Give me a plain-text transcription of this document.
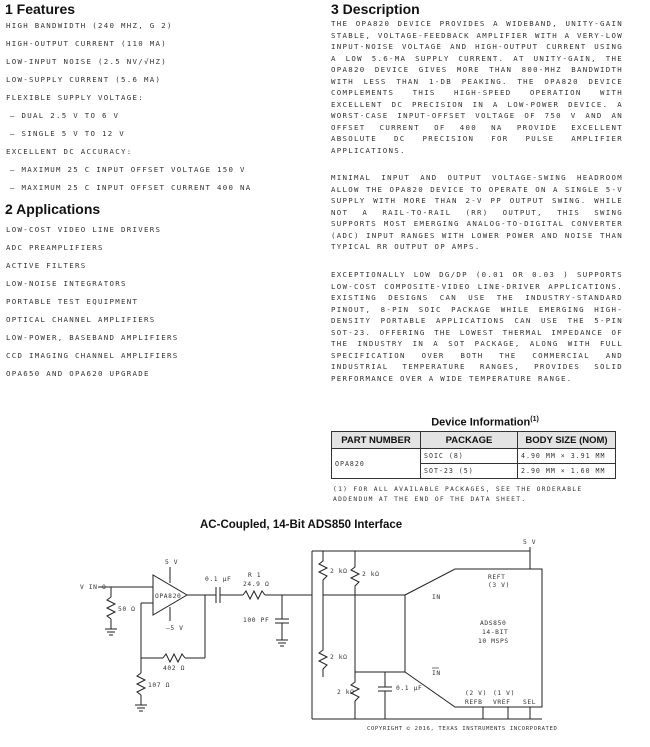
1 Features
HIGH BANDWIDTH (240 MHZ, G 2)
HIGH-OUTPUT CURRENT (110 MA)
LOW-INPUT NOISE (2.5 NV/√HZ)
LOW-SUPPLY CURRENT (5.6 MA)
FLEXIBLE SUPPLY VOLTAGE:
– DUAL 2.5 V TO 6 V
– SINGLE 5 V TO 12 V
EXCELLENT DC ACCURACY:
– MAXIMUM 25 C INPUT OFFSET VOLTAGE 150 V
– MAXIMUM 25 C INPUT OFFSET CURRENT 400 NA
2 Applications
LOW-COST VIDEO LINE DRIVERS
ADC PREAMPLIFIERS
ACTIVE FILTERS
LOW-NOISE INTEGRATORS
PORTABLE TEST EQUIPMENT
OPTICAL CHANNEL AMPLIFIERS
LOW-POWER, BASEBAND AMPLIFIERS
CCD IMAGING CHANNEL AMPLIFIERS
OPA650 AND OPA620 UPGRADE
3 Description

THE OPA820 DEVICE PROVIDES A WIDEBAND, UNITY-GAIN STABLE, VOLTAGE-FEEDBACK AMPLIFIER WITH A VERY-LOW INPUT-NOISE VOLTAGE AND HIGH-OUTPUT CURRENT USING A LOW 5.6-MA SUPPLY CURRENT. AT UNITY-GAIN, THE OPA820 DEVICE GIVES MORE THAN 800-MHZ BANDWIDTH WITH LESS THAN 1-DB PEAKING. THE OPA820 DEVICE COMPLEMENTS THIS HIGH-SPEED OPERATION WITH EXCELLENT DC PRECISION IN A LOW-POWER DEVICE. A WORST-CASE INPUT-OFFSET VOLTAGE OF 750 V AND AN OFFSET CURRENT OF 400 NA PROVIDE EXCELLENT ABSOLUTE DC PRECISION FOR PULSE AMPLIFIER APPLICATIONS.

MINIMAL INPUT AND OUTPUT VOLTAGE-SWING HEADROOM ALLOW THE OPA820 DEVICE TO OPERATE ON A SINGLE 5-V SUPPLY WITH MORE THAN 2-V PP OUTPUT SWING. WHILE NOT A RAIL-TO-RAIL (RR) OUTPUT, THIS SWING SUPPORTS MOST EMERGING ANALOG-TO-DIGITAL CONVERTER (ADC) INPUT RANGES WITH LOWER POWER AND NOISE THAN TYPICAL RR OUTPUT OP AMPS.

EXCEPTIONALLY LOW DG/DP (0.01 OR 0.03 ) SUPPORTS LOW-COST COMPOSITE-VIDEO LINE-DRIVER APPLICATIONS. EXISTING DESIGNS CAN USE THE INDUSTRY-STANDARD PINOUT, 8-PIN SOIC PACKAGE WHILE EMERGING HIGH-DENSITY PORTABLE APPLICATIONS CAN USE THE 5-PIN SOT-23. OFFERING THE LOWEST THERMAL IMPEDANCE OF THE INDUSTRY IN A SOT PACKAGE, ALONG WITH FULL SPECIFICATION OVER BOTH THE COMMERCIAL AND INDUSTRIAL TEMPERATURE RANGES, PROVIDES SOLID PERFORMANCE OVER A WIDE TEMPERATURE RANGE.

Device Information$^{(1)}$
PART NUMBER	PACKAGE	BODY SIZE (NOM)
OPA820	SOIC (8)	4.90 MM × 3.91 MM
	SOT-23 (5)	2.90 MM × 1.60 MM
(1) FOR ALL AVAILABLE PACKAGES, SEE THE ORDERABLE ADDENDUM AT THE END OF THE DATA SHEET.
AC-Coupled, 14-Bit ADS850 Interface
V IN O
50 Ω
5 V
OPA820
–5 V
0.1 μF
R 1
24.9 Ω
100 PF
402 Ω
107 Ω
2 kΩ 2 kΩ
2 kΩ
2 kΩ
5 V
REFT
(3 V)
IN
IN
ADS850
14-BIT
10 MSPS
0.1 μF
(2 V) (1 V)
REFB VREF SEL
COPYRIGHT © 2016, TEXAS INSTRUMENTS INCORPORATED
